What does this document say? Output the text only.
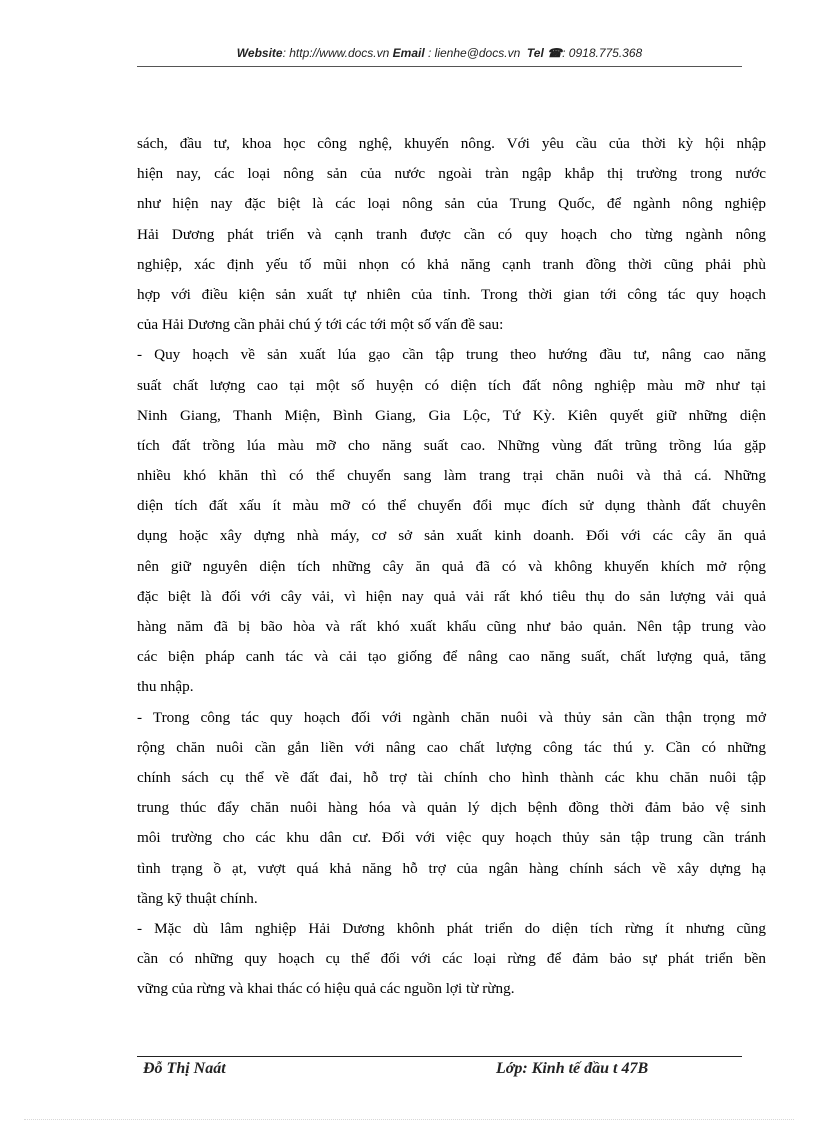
Website: http://www.docs.vn Email : lienhe@docs.vn Tel ☎: 0918.775.368
sách, đầu tư, khoa học công nghệ, khuyến nông. Với yêu cầu của thời kỳ hội nhập
hiện nay, các loại nông sản của nước ngoài tràn ngập khắp thị trường trong nước
như hiện nay đặc biệt là các loại nông sản của Trung Quốc, để ngành nông nghiệp
Hải Dương phát triển và cạnh tranh được cần có quy hoạch cho từng ngành nông
nghiệp, xác định yếu tố mũi nhọn có khả năng cạnh tranh đồng thời cũng phải phù
hợp với điều kiện sản xuất tự nhiên của tỉnh. Trong thời gian tới công tác quy hoạch
của Hải Dương cần phải chú ý tới các tới một số vấn đề sau:
- Quy hoạch về sản xuất lúa gạo cần tập trung theo hướng đầu tư, nâng cao năng
suất chất lượng cao tại một số huyện có diện tích đất nông nghiệp màu mỡ như tại
Ninh Giang, Thanh Miện, Bình Giang, Gia Lộc, Tứ Kỳ. Kiên quyết giữ những diện
tích đất trồng lúa màu mỡ cho năng suất cao. Những vùng đất trũng trồng lúa gặp
nhiều khó khăn thì có thể chuyển sang làm trang trại chăn nuôi và thả cá. Những
diện tích đất xấu ít màu mỡ có thể chuyển đổi mục đích sử dụng thành đất chuyên
dụng hoặc xây dựng nhà máy, cơ sở sản xuất kinh doanh. Đối với các cây ăn quả
nên giữ nguyên diện tích những cây ăn quả đã có và không khuyến khích mở rộng
đặc biệt là đối với cây vải, vì hiện nay quả vải rất khó tiêu thụ do sản lượng vải quả
hàng năm đã bị bão hòa và rất khó xuất khẩu cũng như bảo quản. Nên tập trung vào
các biện pháp canh tác và cải tạo giống để nâng cao năng suất, chất lượng quả, tăng
thu nhập.
- Trong công tác quy hoạch đối với ngành chăn nuôi và thủy sản cần thận trọng mở
rộng chăn nuôi cần gắn liền với nâng cao chất lượng công tác thú y. Cần có những
chính sách cụ thể về đất đai, hỗ trợ tài chính cho hình thành các khu chăn nuôi tập
trung thúc đẩy chăn nuôi hàng hóa và quản lý dịch bệnh đồng thời đảm bảo vệ sinh
môi trường cho các khu dân cư. Đối với việc quy hoạch thủy sản tập trung cần tránh
tình trạng ồ ạt, vượt quá khả năng hỗ trợ của ngân hàng chính sách về xây dựng hạ
tầng kỹ thuật chính.
- Mặc dù lâm nghiệp Hải Dương khônh phát triển do diện tích rừng ít nhưng cũng
cần có những quy hoạch cụ thể đối với các loại rừng để đảm bảo sự phát triển bền
vững của rừng và khai thác có hiệu quả các nguồn lợi từ rừng.
Đỗ Thị Naát	Lớp: Kinh tế đầu t 47B
